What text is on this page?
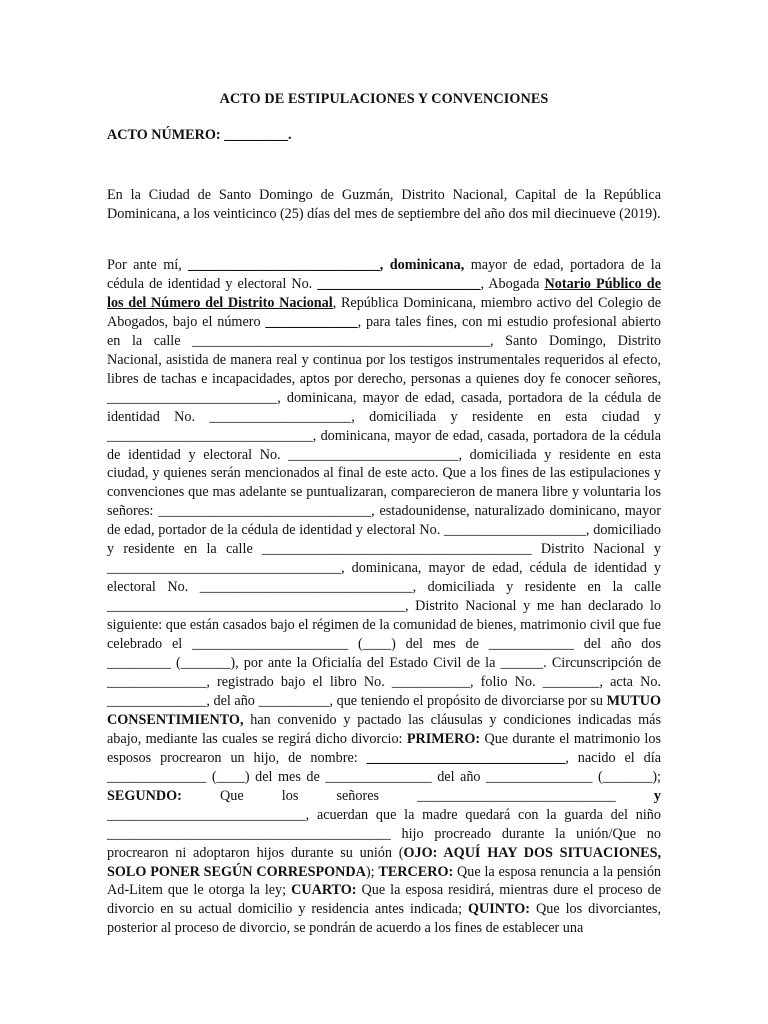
ACTO DE ESTIPULACIONES Y CONVENCIONES
ACTO NÚMERO: _________.

En la Ciudad de Santo Domingo de Guzmán, Distrito Nacional, Capital de la República Dominicana, a los veinticinco (25) días del mes de septiembre del año dos mil diecinueve (2019).

Por ante mí, ___________________________, dominicana, mayor de edad, portadora de la cédula de identidad y electoral No. _______________________, Abogada Notario Público de los del Número del Distrito Nacional, República Dominicana, miembro activo del Colegio de Abogados, bajo el número _____________, para tales fines, con mi estudio profesional abierto en la calle __________________________________________, Santo Domingo, Distrito Nacional, asistida de manera real y continua por los testigos instrumentales requeridos al efecto, libres de tachas e incapacidades, aptos por derecho, personas a quienes doy fe conocer señores, ________________________, dominicana, mayor de edad, casada, portadora de la cédula de identidad No. ____________________, domiciliada y residente en esta ciudad y _____________________________, dominicana, mayor de edad, casada, portadora de la cédula de identidad y electoral No. ________________________, domiciliada y residente en esta ciudad, y quienes serán mencionados al final de este acto. Que a los fines de las estipulaciones y convenciones que mas adelante se puntualizaran, comparecieron de manera libre y voluntaria los señores: ______________________________, estadounidense, naturalizado dominicano, mayor de edad, portador de la cédula de identidad y electoral No. ____________________, domiciliado y residente en la calle ______________________________________ Distrito Nacional y _________________________________, dominicana, mayor de edad, cédula de identidad y electoral No. ______________________________, domiciliada y residente en la calle __________________________________________, Distrito Nacional y me han declarado lo siguiente: que están casados bajo el régimen de la comunidad de bienes, matrimonio civil que fue celebrado el ______________________ (____) del mes de ____________ del año dos _________ (_______), por ante la Oficialía del Estado Civil de la ______. Circunscripción de ______________, registrado bajo el libro No. ___________, folio No. ________, acta No. ______________, del año __________, que teniendo el propósito de divorciarse por su MUTUO CONSENTIMIENTO, han convenido y pactado las cláusulas y condiciones indicadas más abajo, mediante las cuales se regirá dicho divorcio: PRIMERO: Que durante el matrimonio los esposos procrearon un hijo, de nombre: ____________________________, nacido el día ______________ (____) del mes de _______________ del año _______________ (_______); SEGUNDO: Que los señores ____________________________ y ____________________________, acuerdan que la madre quedará con la guarda del niño ________________________________________ hijo procreado durante la unión/Que no procrearon ni adoptaron hijos durante su unión (OJO: AQUÍ HAY DOS SITUACIONES, SOLO PONER SEGÚN CORRESPONDA); TERCERO: Que la esposa renuncia a la pensión Ad-Litem que le otorga la ley; CUARTO: Que la esposa residirá, mientras dure el proceso de divorcio en su actual domicilio y residencia antes indicada; QUINTO: Que los divorciantes, posterior al proceso de divorcio, se pondrán de acuerdo a los fines de establecer una
